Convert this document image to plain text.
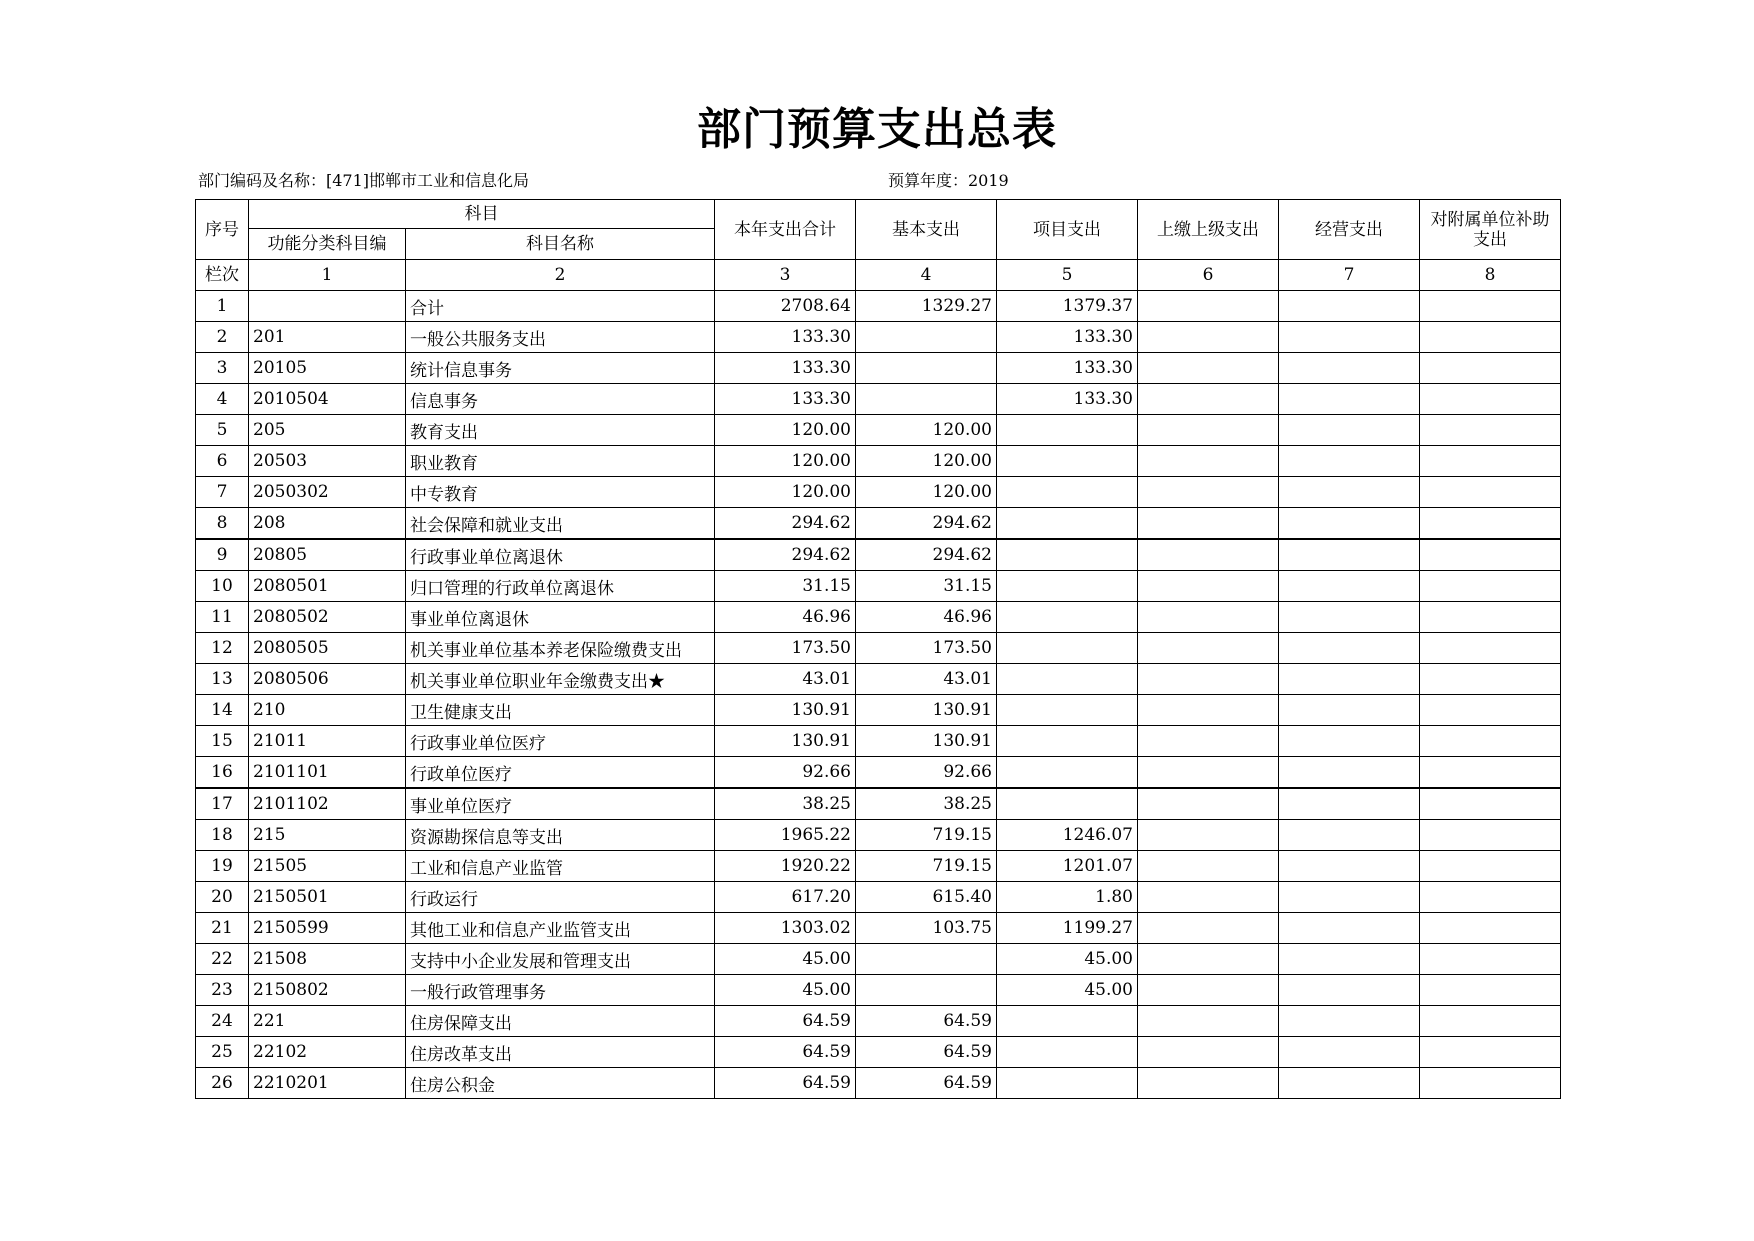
部门预算支出总表
部门编码及名称：[471]邯郸市工业和信息化局	预算年度：2019
序号	科目		本年支出合计	基本支出	项目支出	上缴上级支出	经营支出	对附属单位补助支出
	功能分类科目编	科目名称						
栏次	1	2	3	4	5	6	7	8
1		合计	2708.64	1329.27	1379.37			
2	201	一般公共服务支出	133.30		133.30			
3	20105	统计信息事务	133.30		133.30			
4	2010504	信息事务	133.30		133.30			
5	205	教育支出	120.00	120.00				
6	20503	职业教育	120.00	120.00				
7	2050302	中专教育	120.00	120.00				
8	208	社会保障和就业支出	294.62	294.62				
9	20805	行政事业单位离退休	294.62	294.62				
10	2080501	归口管理的行政单位离退休	31.15	31.15				
11	2080502	事业单位离退休	46.96	46.96				
12	2080505	机关事业单位基本养老保险缴费支出	173.50	173.50				
13	2080506	机关事业单位职业年金缴费支出★	43.01	43.01				
14	210	卫生健康支出	130.91	130.91				
15	21011	行政事业单位医疗	130.91	130.91				
16	2101101	行政单位医疗	92.66	92.66				
17	2101102	事业单位医疗	38.25	38.25				
18	215	资源勘探信息等支出	1965.22	719.15	1246.07			
19	21505	工业和信息产业监管	1920.22	719.15	1201.07			
20	2150501	行政运行	617.20	615.40	1.80			
21	2150599	其他工业和信息产业监管支出	1303.02	103.75	1199.27			
22	21508	支持中小企业发展和管理支出	45.00		45.00			
23	2150802	一般行政管理事务	45.00		45.00			
24	221	住房保障支出	64.59	64.59				
25	22102	住房改革支出	64.59	64.59				
26	2210201	住房公积金	64.59	64.59				
